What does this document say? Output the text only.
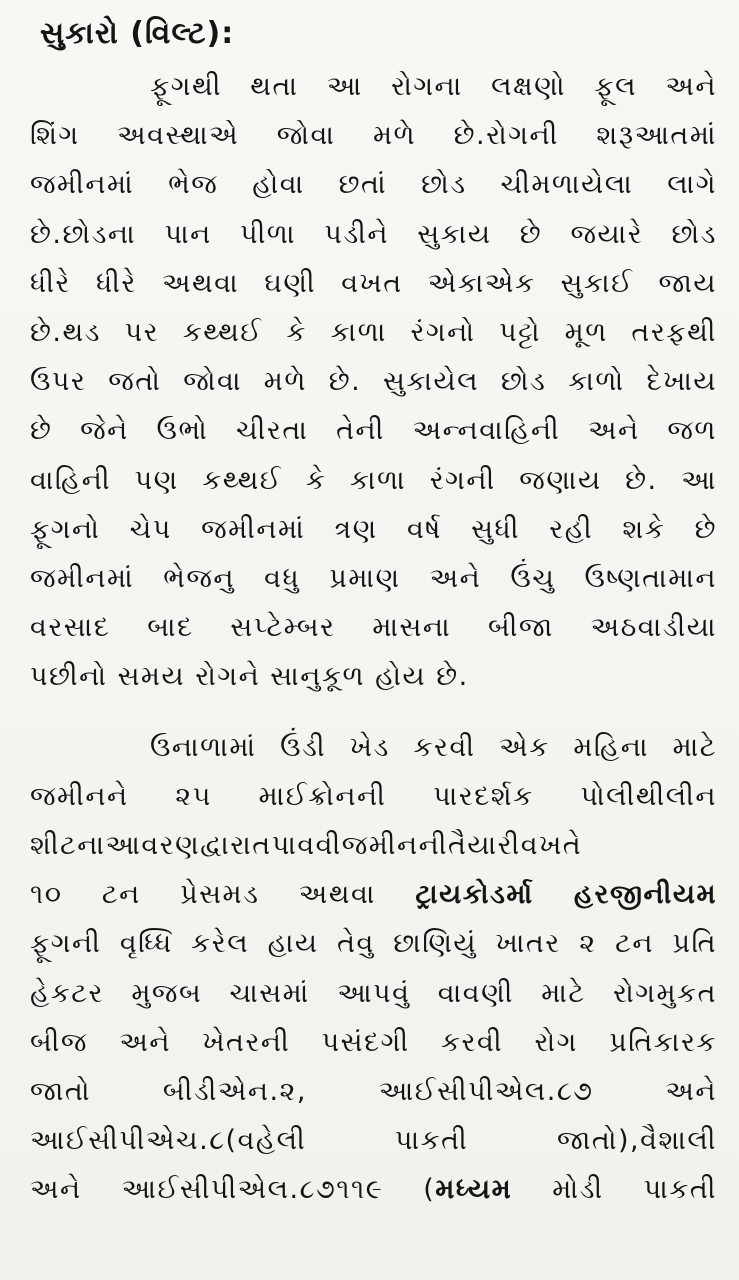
સુકારો (વિલ્ટ):
ફૂગથી થતા આ રોગના લક્ષણો ફૂલ અને
શિંગ અવસ્થાએ જોવા મળે છે.રોગની શરૂઆતમાં
જમીનમાં ભેજ હોવા છતાં છોડ ચીમળાયેલા લાગે
છે.છોડના પાન પીળા પડીને સુકાય છે જયારે છોડ
ધીરે ધીરે અથવા ઘણી વખત એકાએક સુકાઈ જાય
છે.થડ પર કથ્થઈ કે કાળા રંગનો પટ્ટો મૂળ તરફથી
ઉપર જતો જોવા મળે છે. સુકાયેલ છોડ કાળો દેખાય
છે જેને ઉભો ચીરતા તેની અન્નવાહિની અને જળ
વાહિની પણ કથ્થઈ કે કાળા રંગની જણાય છે. આ
ફૂગનો ચેપ જમીનમાં ત્રણ વર્ષ સુધી રહી શકે છે
જમીનમાં ભેજનુ વધુ પ્રમાણ અને ઉંચુ ઉષ્ણતામાન
વરસાદ બાદ સપ્ટેમ્બર માસના બીજા અઠવાડીયા
પછીનો સમય રોગને સાનુકૂળ હોય છે.
ઉનાળામાં ઉંડી ખેડ કરવી એક મહિના માટે
જમીનને ૨૫ માઈક્રોનની પારદર્શક પોલીથીલીન
શીટનાઆવરણદ્વારાતપાવવીજમીનનીતૈયારીવખતે
૧૦ ટન પ્રેસમડ અથવા ટ્રાયકોડર્મા હરજીનીયમ
ફૂગની વૃધ્ધિ કરેલ હાય તેવુ છાણિયું ખાતર ૨ ટન પ્રતિ
હેકટર મુજબ ચાસમાં આપવું વાવણી માટે રોગમુકત
બીજ અને ખેતરની પસંદગી કરવી રોગ પ્રતિકારક
જાતો બીડીએન.૨, આઈસીપીએલ.૮૭ અને
આઈસીપીએચ.૮(વહેલી પાકતી જાતો),વૈશાલી
અને આઈસીપીએલ.૮૭૧૧૯ (મધ્યમ મોડી પાકતી
